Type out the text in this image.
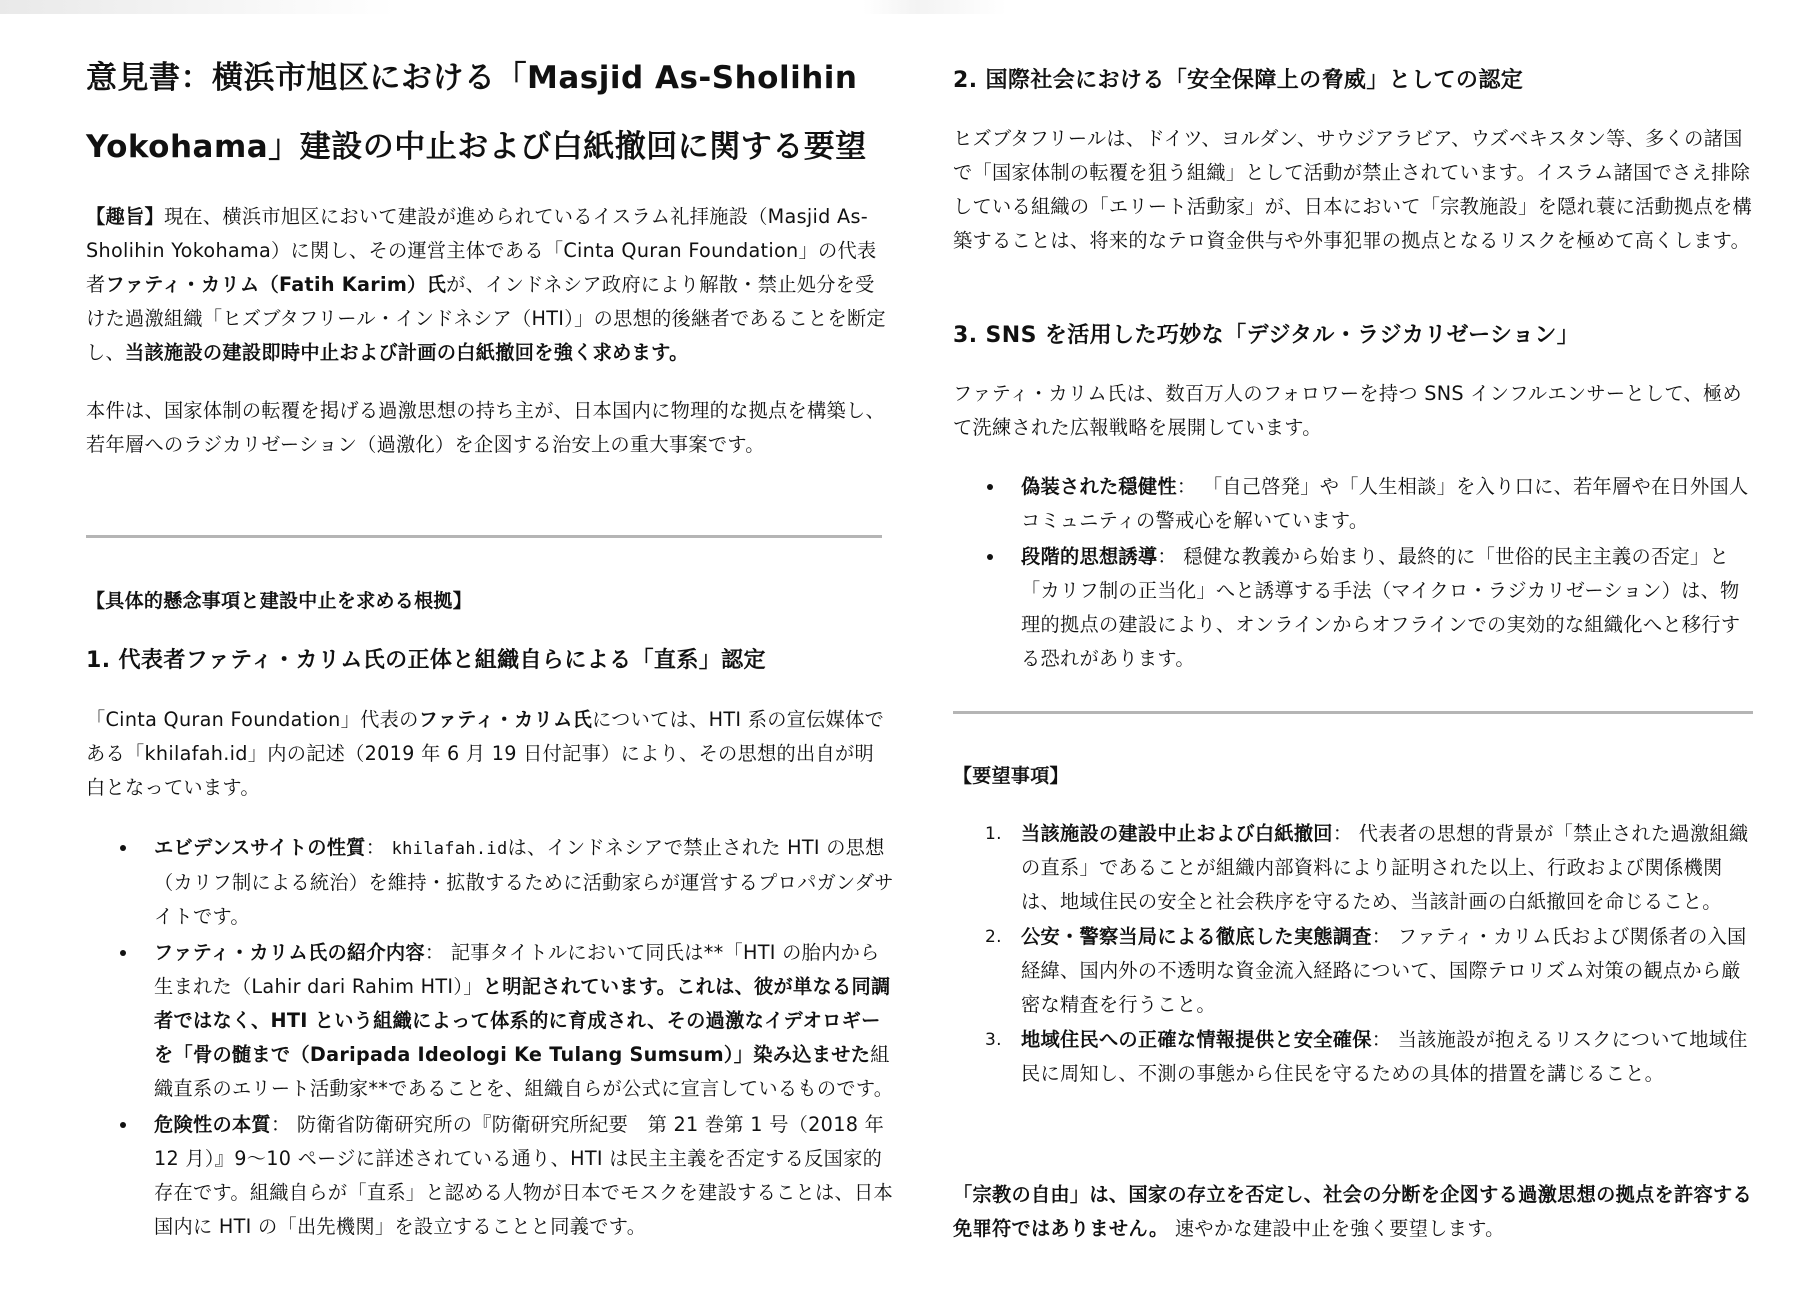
意見書：横浜市旭区における「Masjid As-Sholihin
Yokohama」建設の中止および白紙撤回に関する要望

【趣旨】現在、横浜市旭区において建設が進められているイスラム礼拝施設（Masjid As-Sholihin Yokohama）に関し、その運営主体である「Cinta Quran Foundation」の代表者ファティ・カリム（Fatih Karim）氏が、インドネシア政府により解散・禁止処分を受けた過激組織「ヒズブタフリール・インドネシア（HTI）」の思想的後継者であることを断定し、当該施設の建設即時中止および計画の白紙撤回を強く求めます。

本件は、国家体制の転覆を掲げる過激思想の持ち主が、日本国内に物理的な拠点を構築し、若年層へのラジカリゼーション（過激化）を企図する治安上の重大事案です。

【具体的懸念事項と建設中止を求める根拠】
1. 代表者ファティ・カリム氏の正体と組織自らによる「直系」認定

「Cinta Quran Foundation」代表のファティ・カリム氏については、HTI 系の宣伝媒体である「khilafah.id」内の記述（2019 年 6 月 19 日付記事）により、その思想的出自が明白となっています。

エビデンスサイトの性質： khilafah.idは、インドネシアで禁止された HTI の思想（カリフ制による統治）を維持・拡散するために活動家らが運営するプロパガンダサイトです。
ファティ・カリム氏の紹介内容： 記事タイトルにおいて同氏は**「HTI の胎内から生まれた（Lahir dari Rahim HTI）」と明記されています。これは、彼が単なる同調者ではなく、HTI という組織によって体系的に育成され、その過激なイデオロギーを「骨の髄まで（Daripada Ideologi Ke Tulang Sumsum）」染み込ませた組織直系のエリート活動家**であることを、組織自らが公式に宣言しているものです。
危険性の本質： 防衛省防衛研究所の『防衛研究所紀要　第 21 巻第 1 号（2018 年 12 月）』9～10 ページに詳述されている通り、HTI は民主主義を否定する反国家的存在です。組織自らが「直系」と認める人物が日本でモスクを建設することは、日本国内に HTI の「出先機関」を設立することと同義です。
2. 国際社会における「安全保障上の脅威」としての認定

ヒズブタフリールは、ドイツ、ヨルダン、サウジアラビア、ウズベキスタン等、多くの諸国で「国家体制の転覆を狙う組織」として活動が禁止されています。イスラム諸国でさえ排除している組織の「エリート活動家」が、日本において「宗教施設」を隠れ蓑に活動拠点を構築することは、将来的なテロ資金供与や外事犯罪の拠点となるリスクを極めて高くします。

3. SNS を活用した巧妙な「デジタル・ラジカリゼーション」

ファティ・カリム氏は、数百万人のフォロワーを持つ SNS インフルエンサーとして、極めて洗練された広報戦略を展開しています。

偽装された穏健性： 「自己啓発」や「人生相談」を入り口に、若年層や在日外国人コミュニティの警戒心を解いています。
段階的思想誘導： 穏健な教義から始まり、最終的に「世俗的民主主義の否定」と「カリフ制の正当化」へと誘導する手法（マイクロ・ラジカリゼーション）は、物理的拠点の建設により、オンラインからオフラインでの実効的な組織化へと移行する恐れがあります。
【要望事項】
1. 当該施設の建設中止および白紙撤回： 代表者の思想的背景が「禁止された過激組織の直系」であることが組織内部資料により証明された以上、行政および関係機関は、地域住民の安全と社会秩序を守るため、当該計画の白紙撤回を命じること。
2. 公安・警察当局による徹底した実態調査： ファティ・カリム氏および関係者の入国経緯、国内外の不透明な資金流入経路について、国際テロリズム対策の観点から厳密な精査を行うこと。
3. 地域住民への正確な情報提供と安全確保： 当該施設が抱えるリスクについて地域住民に周知し、不測の事態から住民を守るための具体的措置を講じること。

「宗教の自由」は、国家の存立を否定し、社会の分断を企図する過激思想の拠点を許容する免罪符ではありません。 速やかな建設中止を強く要望します。
